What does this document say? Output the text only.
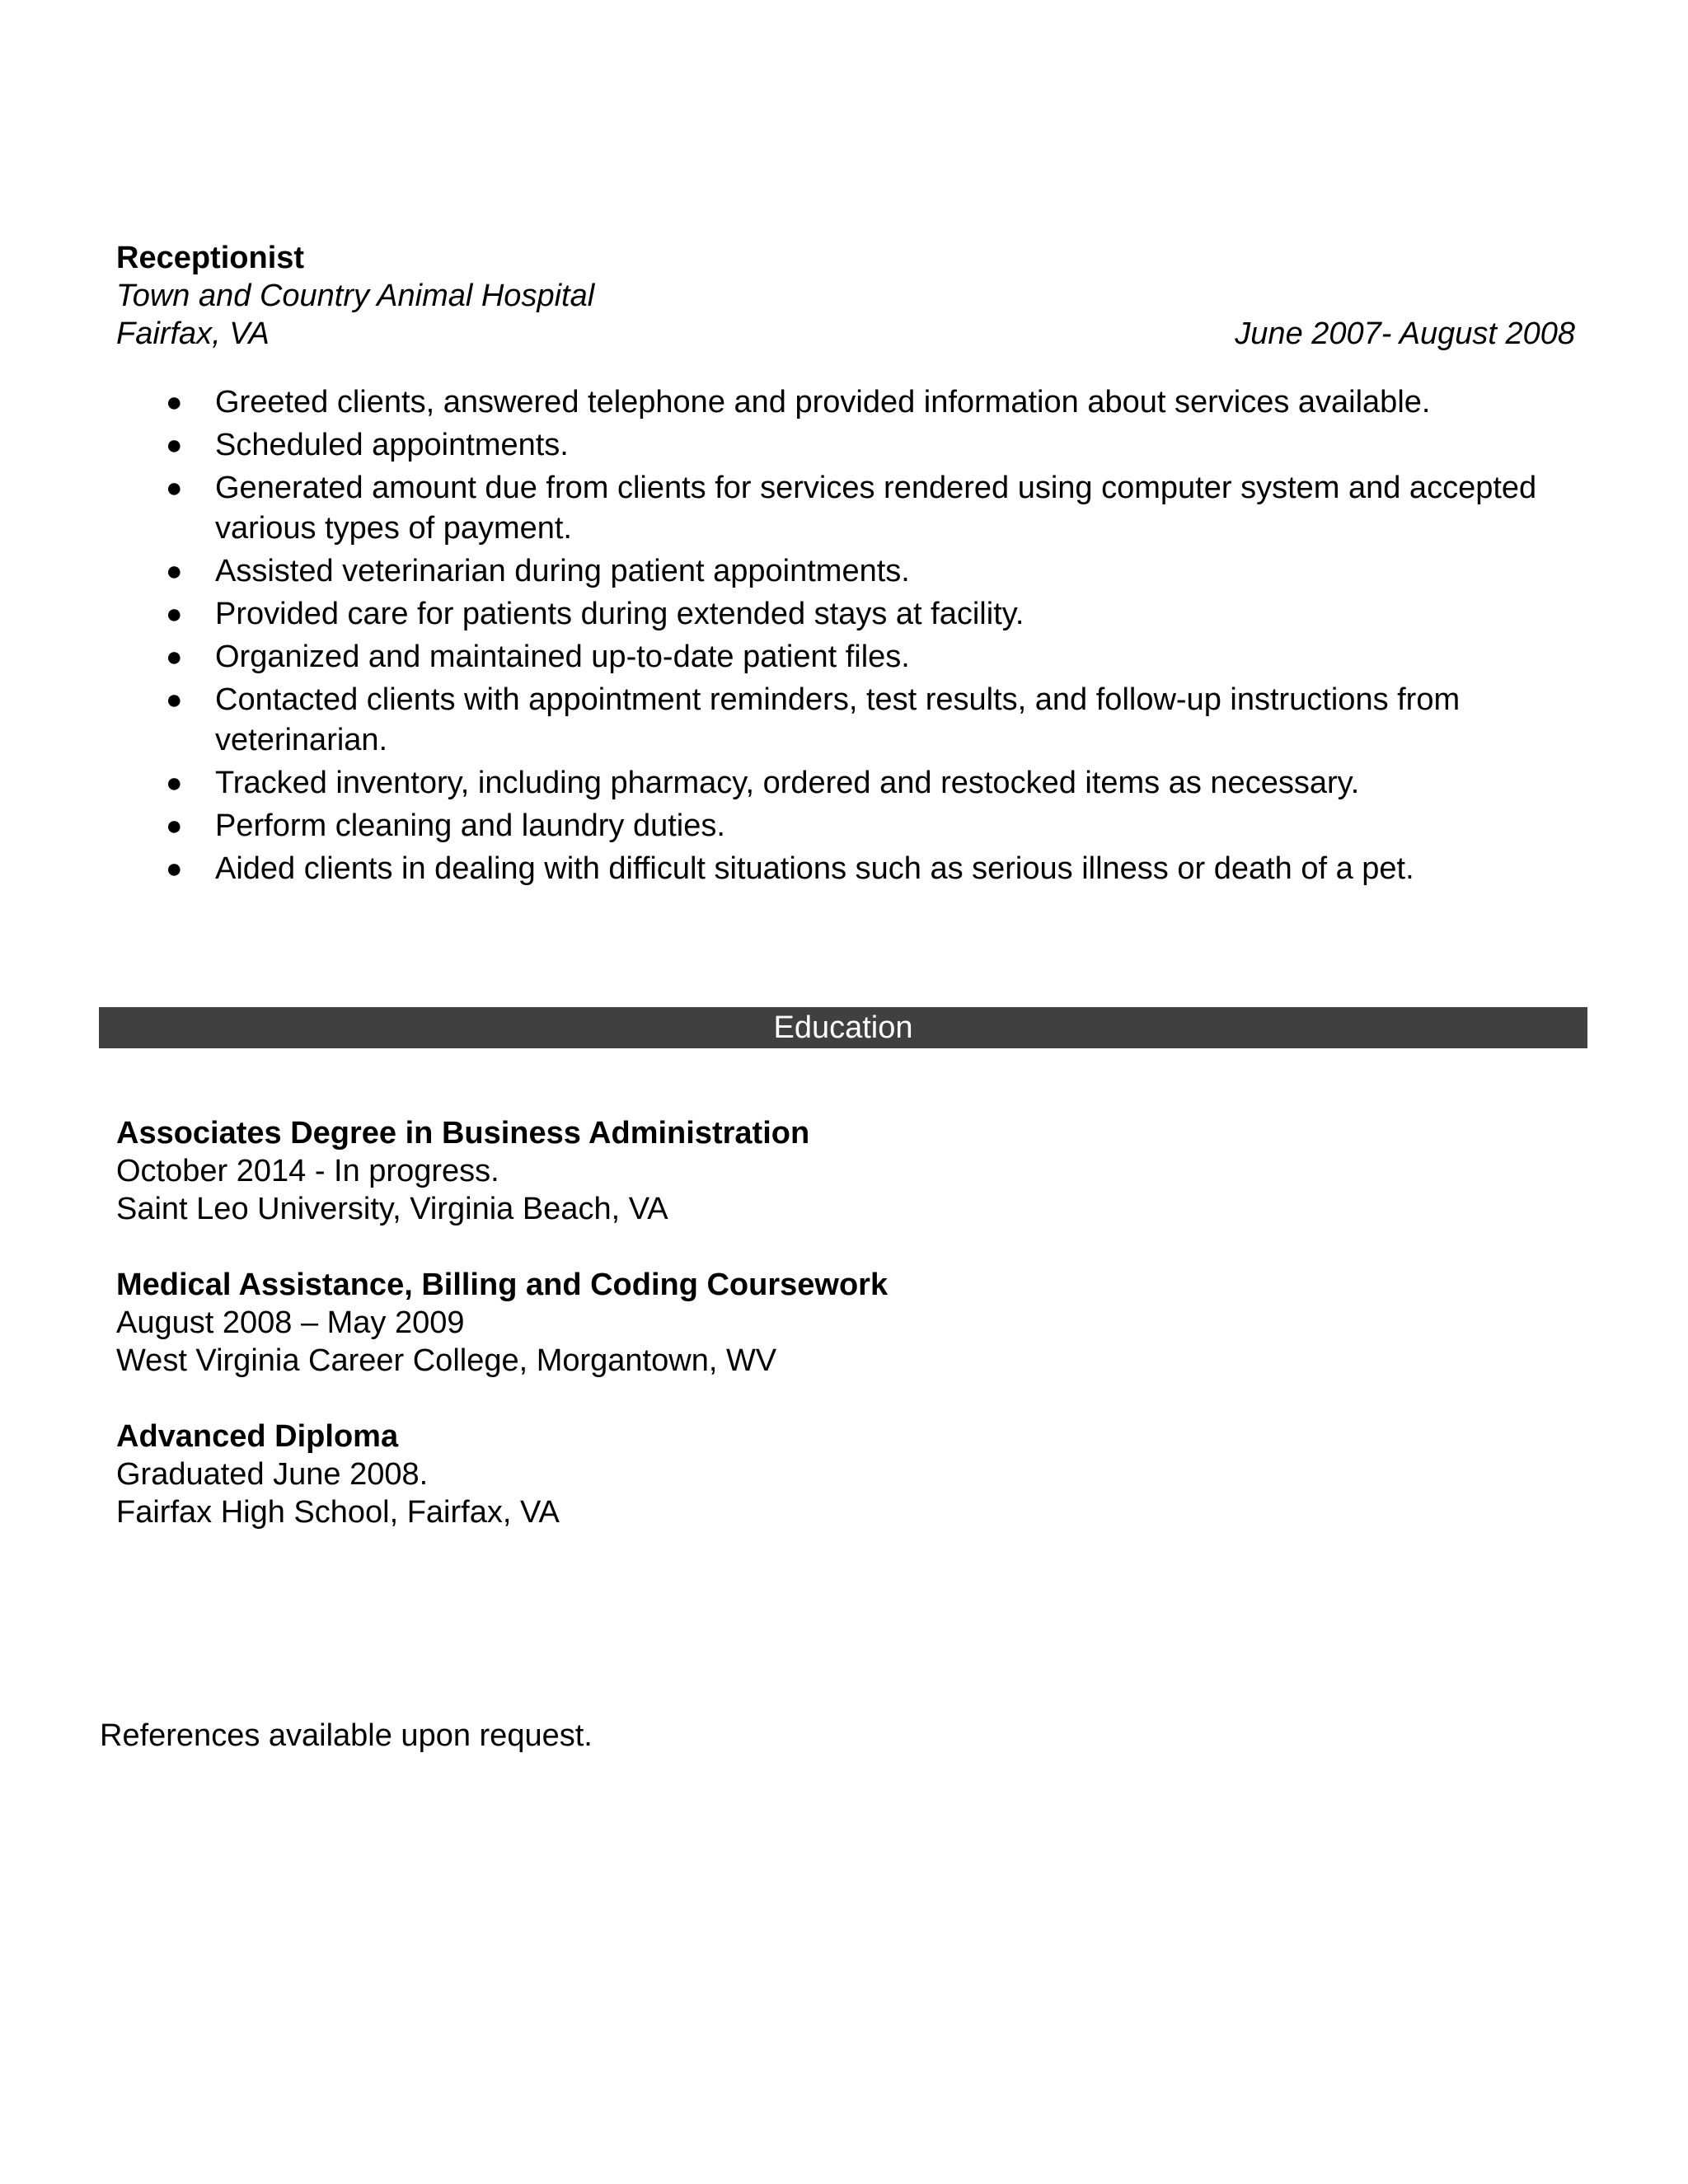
Receptionist

Town and Country Animal Hospital

Fairfax, VA	June 2007- August 2008
● Greeted clients, answered telephone and provided information about services available.
● Scheduled appointments.
● Generated amount due from clients for services rendered using computer system and accepted various types of payment.
● Assisted veterinarian during patient appointments.
● Provided care for patients during extended stays at facility.
● Organized and maintained up-to-date patient files.
● Contacted clients with appointment reminders, test results, and follow-up instructions from veterinarian.
● Tracked inventory, including pharmacy, ordered and restocked items as necessary.
● Perform cleaning and laundry duties.
● Aided clients in dealing with difficult situations such as serious illness or death of a pet.
Education
Associates Degree in Business Administration
October 2014 - In progress.
Saint Leo University, Virginia Beach, VA
Medical Assistance, Billing and Coding Coursework
August 2008 – May 2009
West Virginia Career College, Morgantown, WV
Advanced Diploma
Graduated June 2008.
Fairfax High School, Fairfax, VA
References available upon request.
